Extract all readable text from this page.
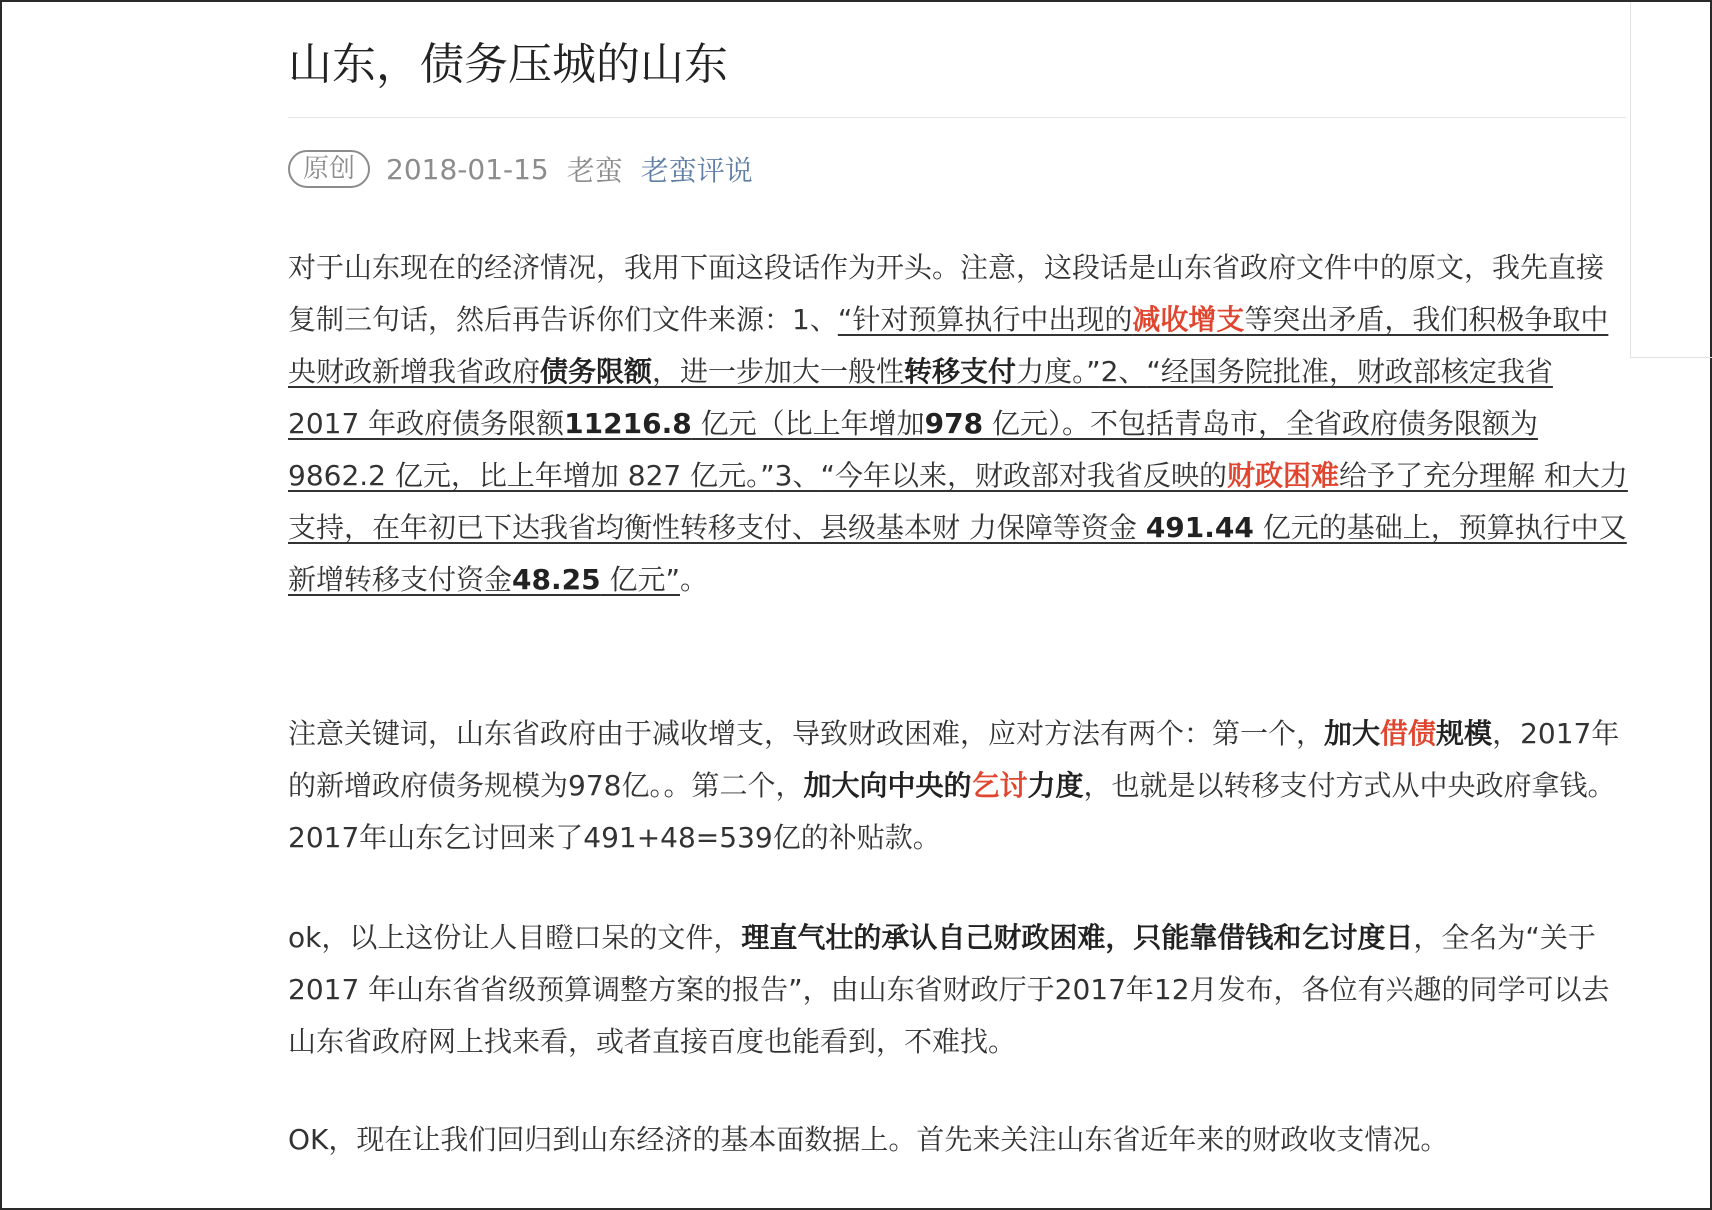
山东，债务压城的山东
原创	2018-01-15 老蛮 老蛮评说

对于山东现在的经济情况，我用下面这段话作为开头。注意，这段话是山东省政府文件中的原文，我先直接复制三句话，然后再告诉你们文件来源：1、“针对预算执行中出现的减收增支等突出矛盾，我们积极争取中央财政新增我省政府债务限额，进一步加大一般性转移支付力度。”2、“经国务院批准，财政部核定我省 2017 年政府债务限额11216.8 亿元（比上年增加978 亿元）。不包括青岛市，全省政府债务限额为 9862.2 亿元，比上年增加 827 亿元。”3、“今年以来，财政部对我省反映的财政困难给予了充分理解 和大力支持，在年初已下达我省均衡性转移支付、县级基本财 力保障等资金 491.44 亿元的基础上，预算执行中又新增转移支付资金48.25 亿元”。

注意关键词，山东省政府由于减收增支，导致财政困难，应对方法有两个：第一个，加大借债规模，2017年的新增政府债务规模为978亿。。第二个，加大向中央的乞讨力度，也就是以转移支付方式从中央政府拿钱。2017年山东乞讨回来了491+48=539亿的补贴款。

ok，以上这份让人目瞪口呆的文件，理直气壮的承认自己财政困难，只能靠借钱和乞讨度日，全名为“关于 2017 年山东省省级预算调整方案的报告”，由山东省财政厅于2017年12月发布，各位有兴趣的同学可以去山东省政府网上找来看，或者直接百度也能看到，不难找。

OK，现在让我们回归到山东经济的基本面数据上。首先来关注山东省近年来的财政收支情况。
